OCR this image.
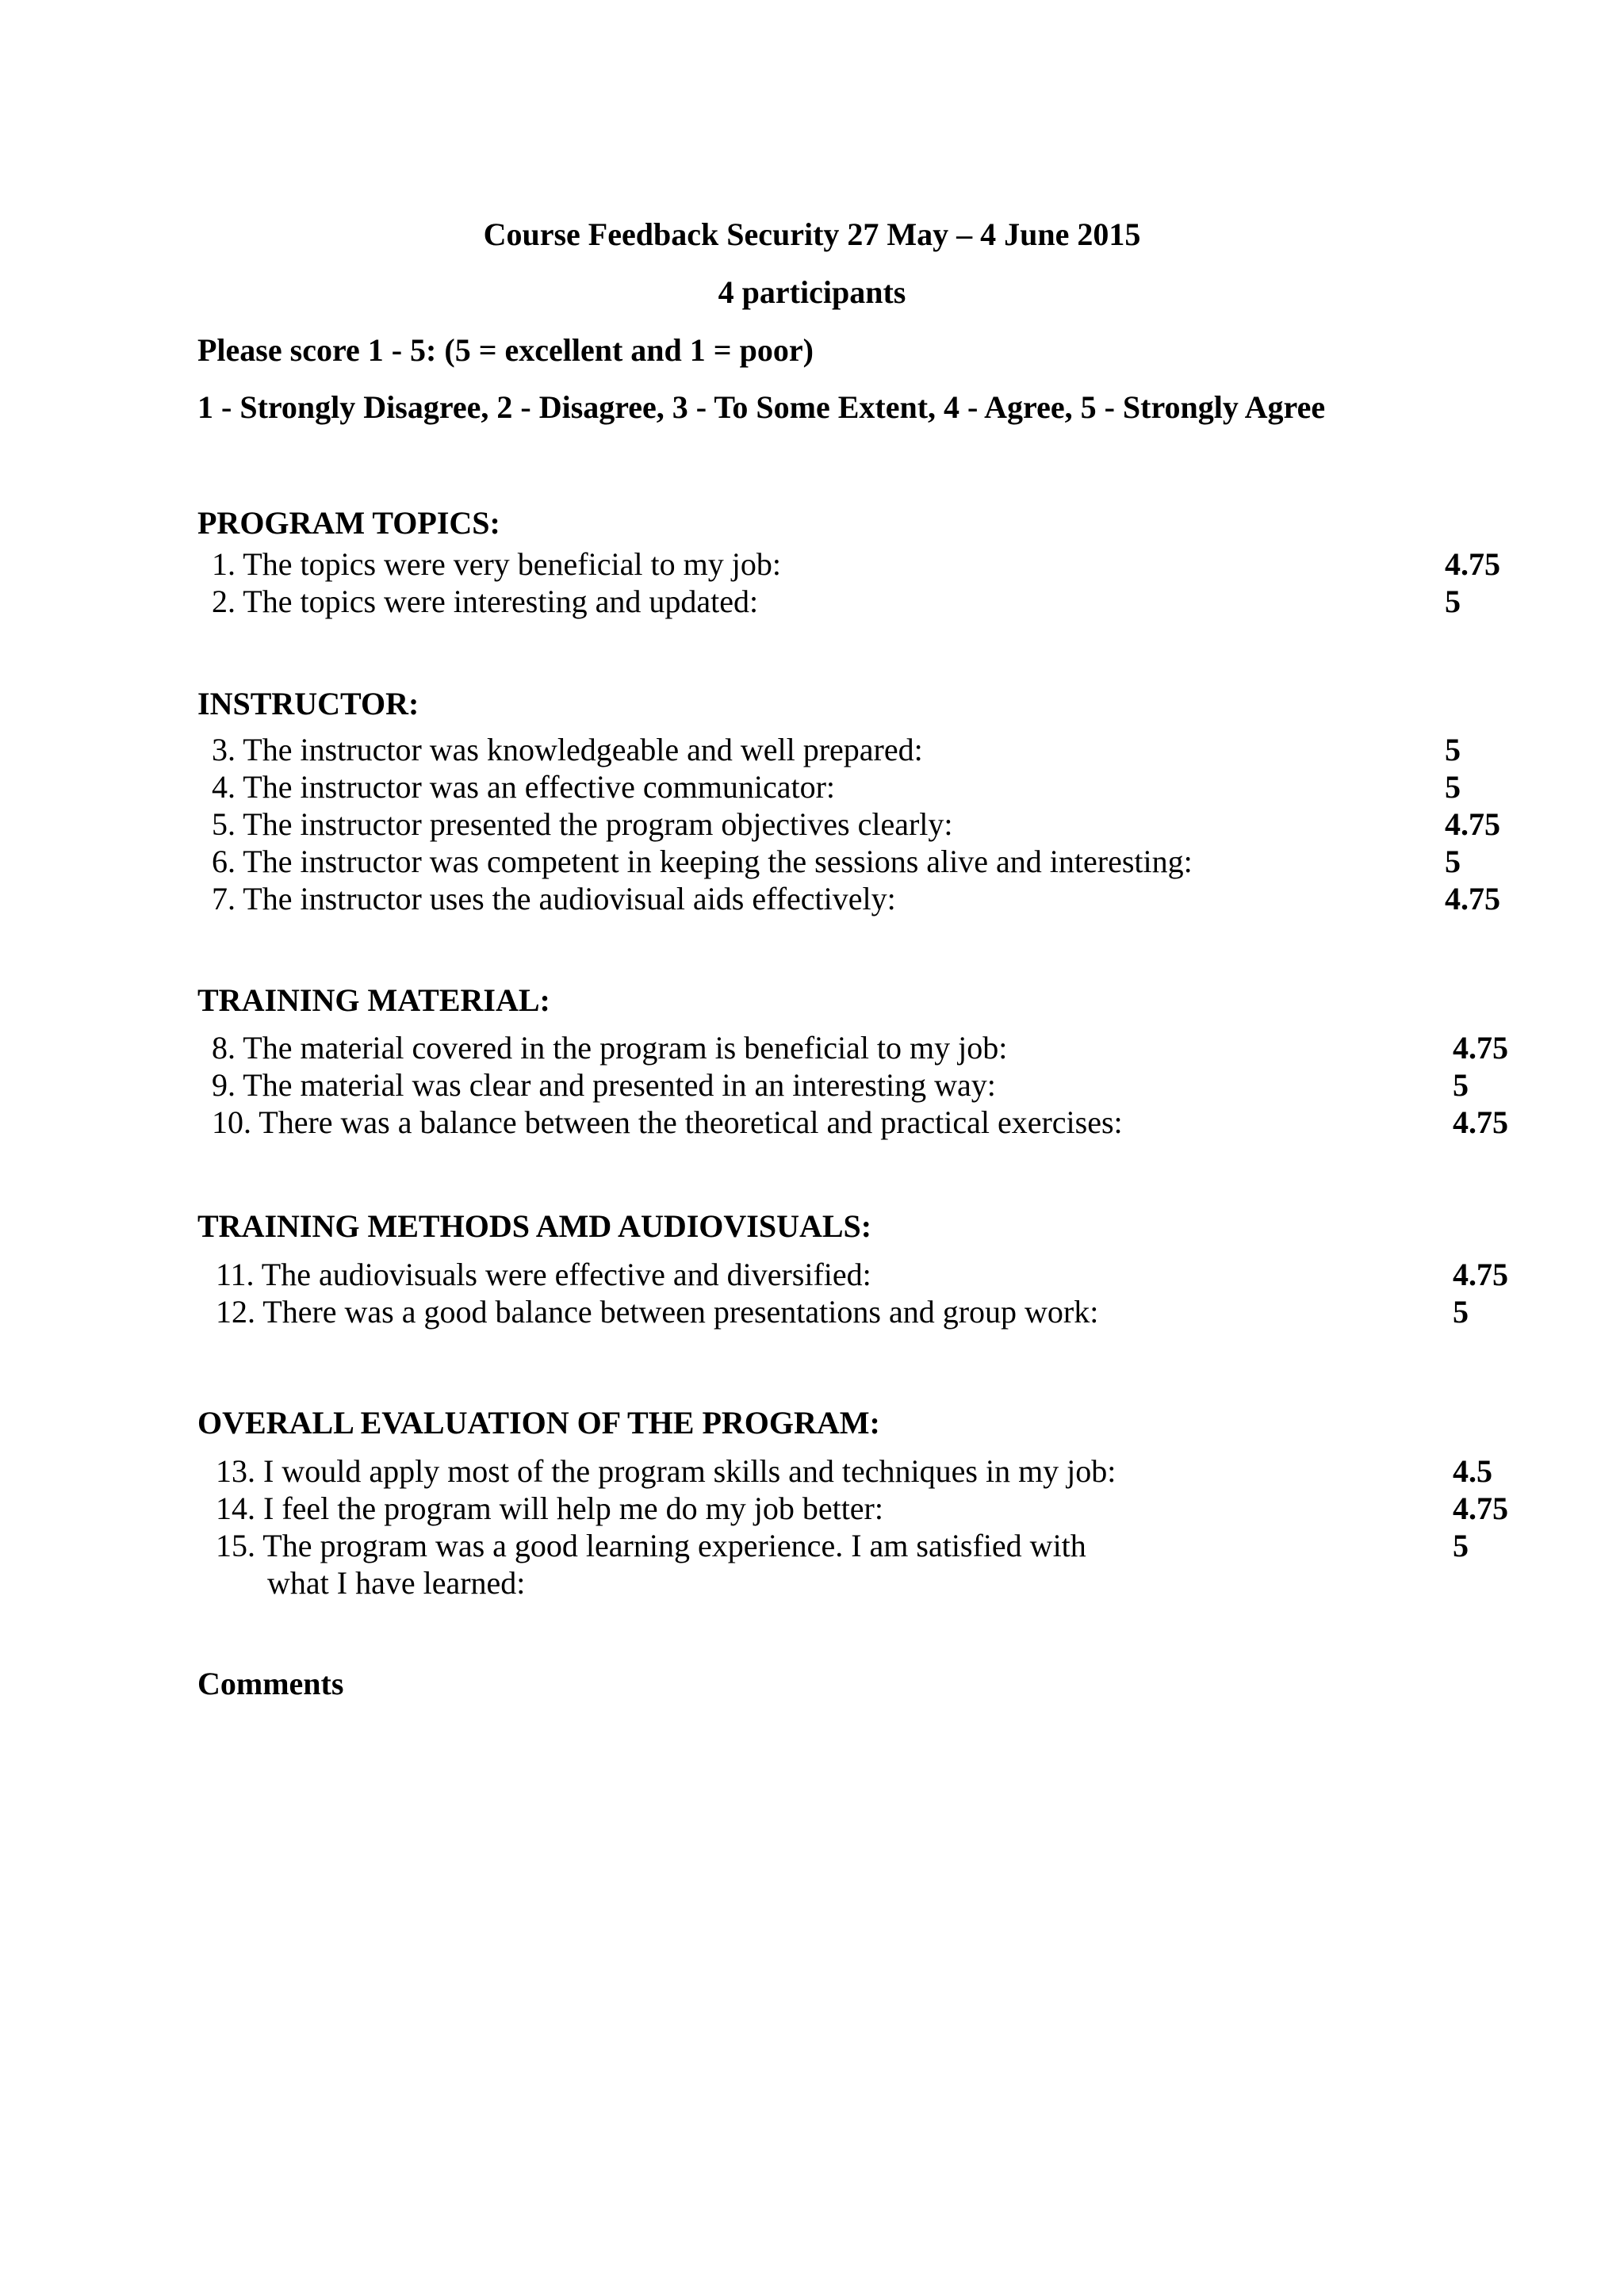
Course Feedback Security 27 May – 4 June 2015
4 participants
Please score 1 - 5: (5 = excellent and 1 = poor)
1 - Strongly Disagree, 2 - Disagree, 3 - To Some Extent, 4 - Agree, 5 - Strongly Agree
PROGRAM TOPICS:
1. The topics were very beneficial to my job:	4.75
2. The topics were interesting and updated:	5
INSTRUCTOR:
3. The instructor was knowledgeable and well prepared:	5
4. The instructor was an effective communicator:	5
5. The instructor presented the program objectives clearly:	4.75
6. The instructor was competent in keeping the sessions alive and interesting:	5
7. The instructor uses the audiovisual aids effectively:	4.75
TRAINING MATERIAL:
8. The material covered in the program is beneficial to my job:	4.75
9. The material was clear and presented in an interesting way:	5
10. There was a balance between the theoretical and practical exercises:	4.75
TRAINING METHODS AMD AUDIOVISUALS:
11. The audiovisuals were effective and diversified:	4.75
12. There was a good balance between presentations and group work:	5
OVERALL EVALUATION OF THE PROGRAM:
13. I would apply most of the program skills and techniques in my job:	4.5
14. I feel the program will help me do my job better:	4.75
15. The program was a good learning experience. I am satisfied with	5
what I have learned:
Comments
